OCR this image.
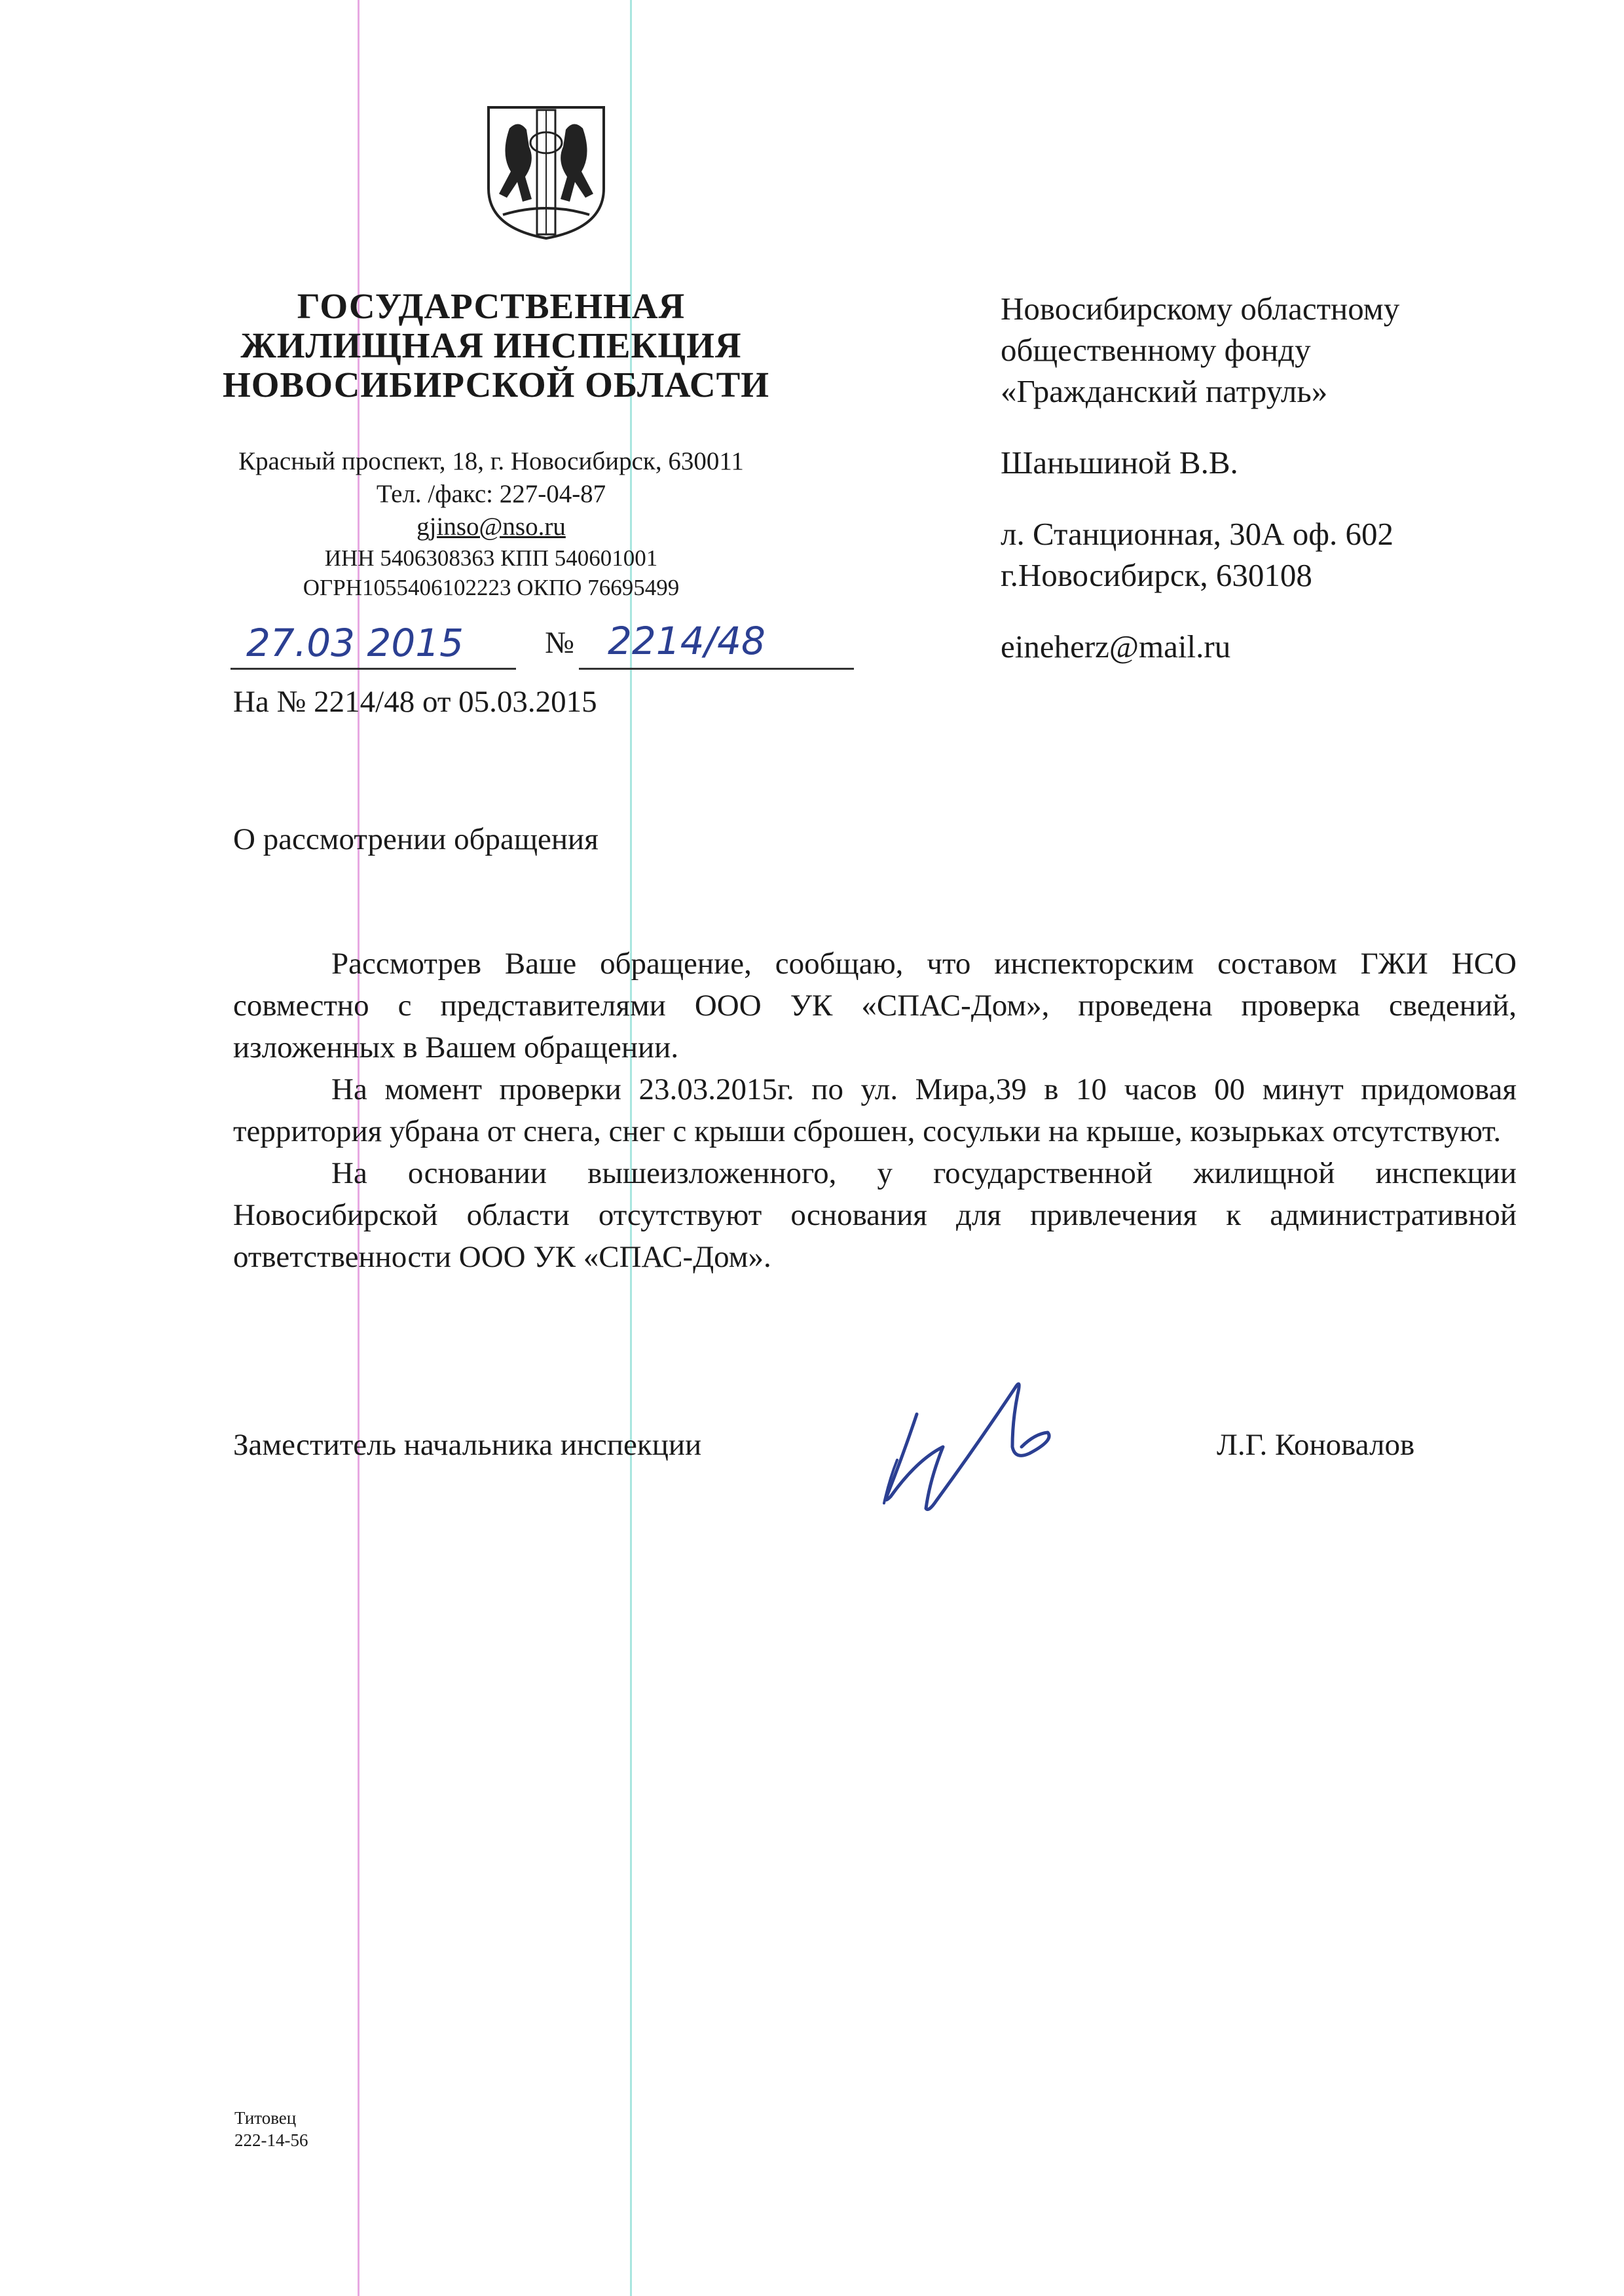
ГОСУДАРСТВЕННАЯ
ЖИЛИЩНАЯ ИНСПЕКЦИЯ
НОВОСИБИРСКОЙ ОБЛАСТИ
Красный проспект, 18, г. Новосибирск, 630011
Тел. /факс: 227-04-87
gjinso@nso.ru
ИНН 5406308363 КПП 540601001
ОГРН1055406102223 ОКПО 76695499
27.03 2015	№ 2214/48
На № 2214/48 от 05.03.2015
Новосибирскому областному
общественному фонду
«Гражданский патруль»
Шаньшиной В.В.
л. Станционная, 30А оф. 602
г.Новосибирск, 630108
eineherz@mail.ru
О рассмотрении обращения

Рассмотрев Ваше обращение, сообщаю, что инспекторским составом ГЖИ НСО совместно с представителями ООО УК «СПАС-Дом», проведена проверка сведений, изложенных в Вашем обращении.

На момент проверки 23.03.2015г. по ул. Мира,39 в 10 часов 00 минут придомовая территория убрана от снега, снег с крыши сброшен, сосульки на крыше, козырьках отсутствуют.

На основании вышеизложенного, у государственной жилищной инспекции Новосибирской области отсутствуют основания для привлечения к административной ответственности ООО УК «СПАС-Дом».

Заместитель начальника инспекции	Л.Г. Коновалов
Титовец
222-14-56
